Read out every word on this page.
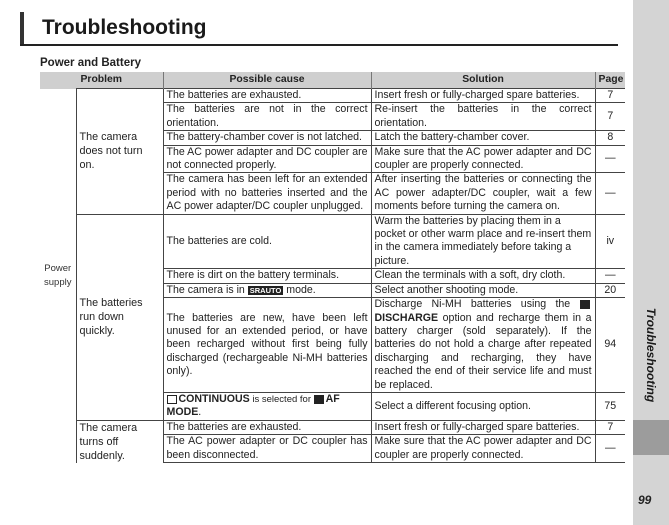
Troubleshooting
Power and Battery
Problem		Possible cause	Solution	Page
Power supply	The camera does not turn on.	The batteries are exhausted.	Insert fresh or fully-charged spare batteries.	7
		The batteries are not in the correct orientation.	Re-insert the batteries in the correct orientation.	7
		The battery-chamber cover is not latched.	Latch the battery-chamber cover.	8
		The AC power adapter and DC coupler are not connected properly.	Make sure that the AC power adapter and DC coupler are properly connected.	—
		The camera has been left for an extended period with no batteries inserted and the AC power adapter/DC coupler unplugged.	After inserting the batteries or connecting the AC power adapter/DC coupler, wait a few moments before turning the camera on.	—
	The batteries run down quickly.	The batteries are cold.	Warm the batteries by placing them in a pocket or other warm place and re-insert them in the camera immediately before taking a picture.	iv
		There is dirt on the battery terminals.	Clean the terminals with a soft, dry cloth.	—
		The camera is in SRAUTO mode.	Select another shooting mode.	20
		The batteries are new, have been left unused for an extended period, or have been recharged without first being fully discharged (rechargeable Ni-MH batteries only).	Discharge Ni-MH batteries using the DISCHARGE option and recharge them in a battery charger (sold separately). If the batteries do not hold a charge after repeated discharging and recharging, they have reached the end of their service life and must be replaced.	94
		CONTINUOUS is selected for AF MODE.	Select a different focusing option.	75
	The camera turns off suddenly.	The batteries are exhausted.	Insert fresh or fully-charged spare batteries.	7
		The AC power adapter or DC coupler has been disconnected.	Make sure that the AC power adapter and DC coupler are properly connected.	—
Troubleshooting
99
